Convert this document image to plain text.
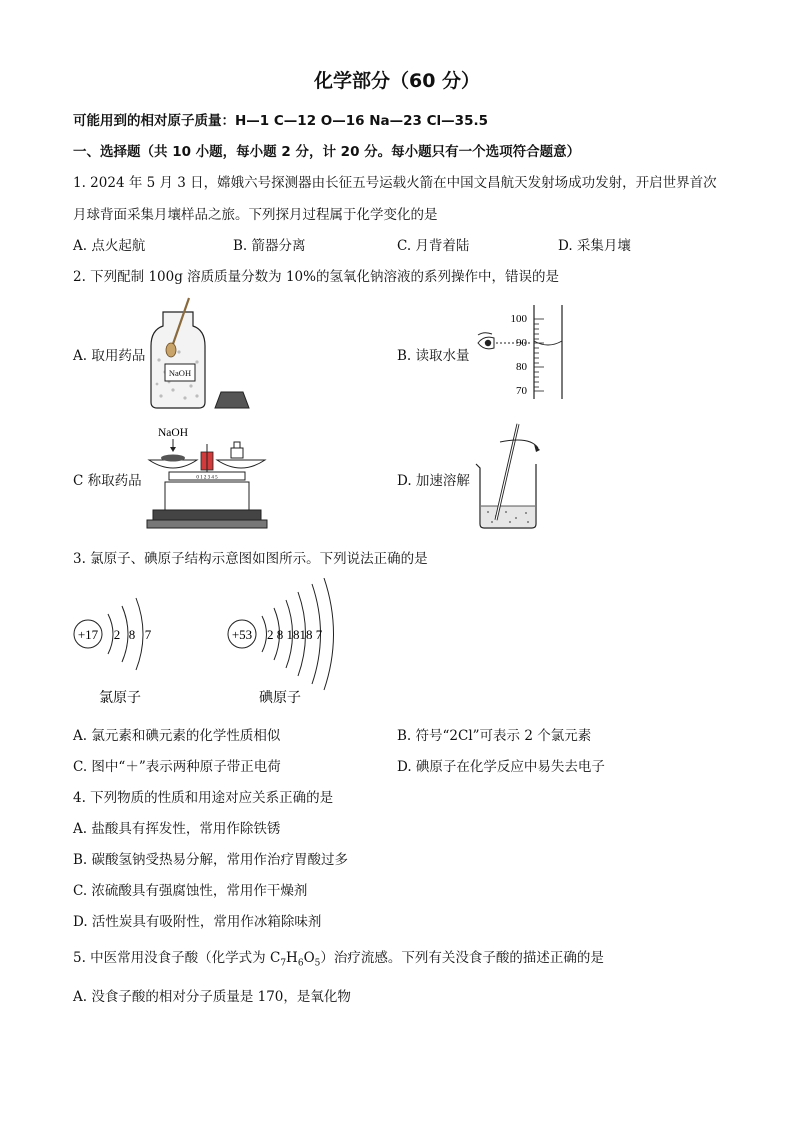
化学部分（60 分）
可能用到的相对原子质量：H—1 C—12 O—16 Na—23 Cl—35.5
一、选择题（共 10 小题，每小题 2 分，计 20 分。每小题只有一个选项符合题意）
1. 2024 年 5 月 3 日，嫦娥六号探测器由长征五号运载火箭在中国文昌航天发射场成功发射，开启世界首次
月球背面采集月壤样品之旅。下列探月过程属于化学变化的是
A. 点火起航	B. 箭器分离	C. 月背着陆	D. 采集月壤
2. 下列配制 100g 溶质质量分数为 10%的氢氧化钠溶液的系列操作中，错误的是
A. 取用药品	B. 读取水量
C 称取药品	D. 加速溶解
NaOH
100
90
80
70
NaOH
0 1 2 3 4 5
3. 氯原子、碘原子结构示意图如图所示。下列说法正确的是
+17 2 8 7
氯原子
+53 2 8 1818 7
碘原子
A. 氯元素和碘元素的化学性质相似	B. 符号“2Cl”可表示 2 个氯元素
C. 图中“＋”表示两种原子带正电荷	D. 碘原子在化学反应中易失去电子
4. 下列物质的性质和用途对应关系正确的是
A. 盐酸具有挥发性，常用作除铁锈
B. 碳酸氢钠受热易分解，常用作治疗胃酸过多
C. 浓硫酸具有强腐蚀性，常用作干燥剂
D. 活性炭具有吸附性，常用作冰箱除味剂
5. 中医常用没食子酸（化学式为 $C_7H_6O_5$）治疗流感。下列有关没食子酸的描述正确的是
A. 没食子酸的相对分子质量是 170，是氧化物
